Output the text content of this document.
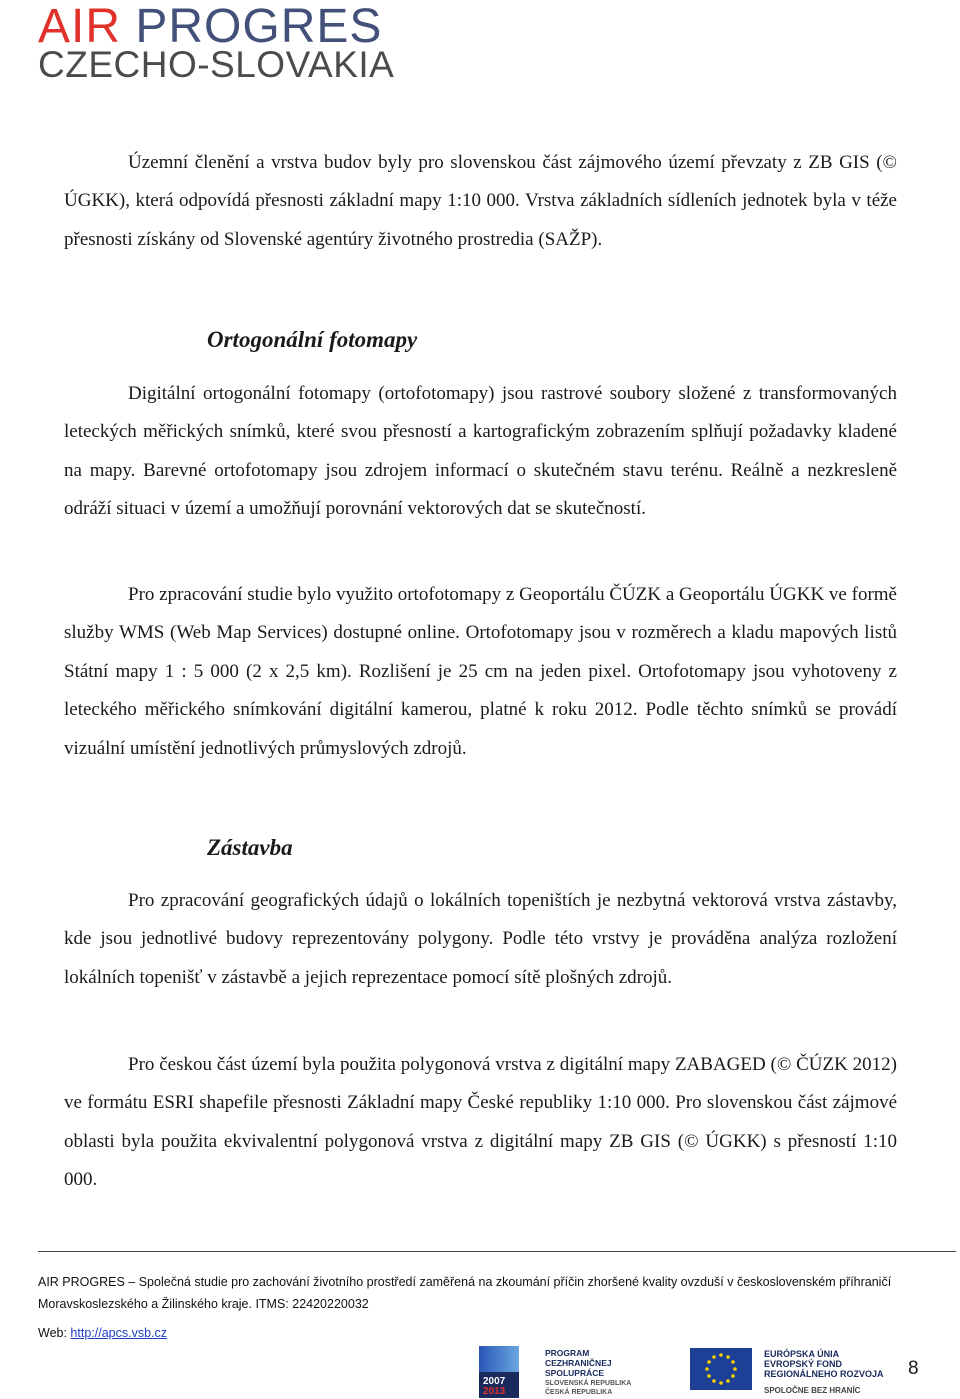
AIR PROGRES
CZECHO-SLOVAKIA

Územní členění a vrstva budov byly pro slovenskou část zájmového území převzaty z ZB GIS (© ÚGKK), která odpovídá přesnosti základní mapy 1:10 000. Vrstva základních sídleních jednotek byla v téže přesnosti získány od Slovenské agentúry životného prostredia (SAŽP).

Ortogonální fotomapy

Digitální ortogonální fotomapy (ortofotomapy) jsou rastrové soubory složené z transformovaných leteckých měřických snímků, které svou přesností a kartografickým zobrazením splňují požadavky kladené na mapy. Barevné ortofotomapy jsou zdrojem informací o skutečném stavu terénu. Reálně a nezkresleně odráží situaci v území a umožňují porovnání vektorových dat se skutečností.

Pro zpracování studie bylo využito ortofotomapy z Geoportálu ČÚZK a Geoportálu ÚGKK ve formě služby WMS (Web Map Services) dostupné online. Ortofotomapy jsou v rozměrech a kladu mapových listů Státní mapy 1 : 5 000 (2 x 2,5 km). Rozlišení je 25 cm na jeden pixel. Ortofotomapy jsou vyhotoveny z leteckého měřického snímkování digitální kamerou, platné k roku 2012. Podle těchto snímků se provádí vizuální umístění jednotlivých průmyslových zdrojů.

Zástavba

Pro zpracování geografických údajů o lokálních topeništích je nezbytná vektorová vrstva zástavby, kde jsou jednotlivé budovy reprezentovány polygony. Podle této vrstvy je prováděna analýza rozložení lokálních topenišť v zástavbě a jejich reprezentace pomocí sítě plošných zdrojů.

Pro českou část území byla použita polygonová vrstva z digitální mapy ZABAGED (© ČÚZK 2012) ve formátu ESRI shapefile přesnosti Základní mapy České republiky 1:10 000. Pro slovenskou část zájmové oblasti byla použita ekvivalentní polygonová vrstva z digitální mapy ZB GIS (© ÚGKK) s přesností 1:10 000.

AIR PROGRES – Společná studie pro zachování životního prostředí zaměřená na zkoumání příčin zhoršené kvality ovzduší v československém příhraničí Moravskoslezského a Žilinského kraje. ITMS: 22420220032
Web: http://apcs.vsb.cz
2007
2013
PROGRAM
CEZHRANIČNEJ
SPOLUPRÁCE
SLOVENSKÁ REPUBLIKA
ČESKÁ REPUBLIKA
EURÓPSKA ÚNIA
EVROPSKÝ FOND
REGIONÁLNEHO ROZVOJA
SPOLOČNE BEZ HRANÍC
8
